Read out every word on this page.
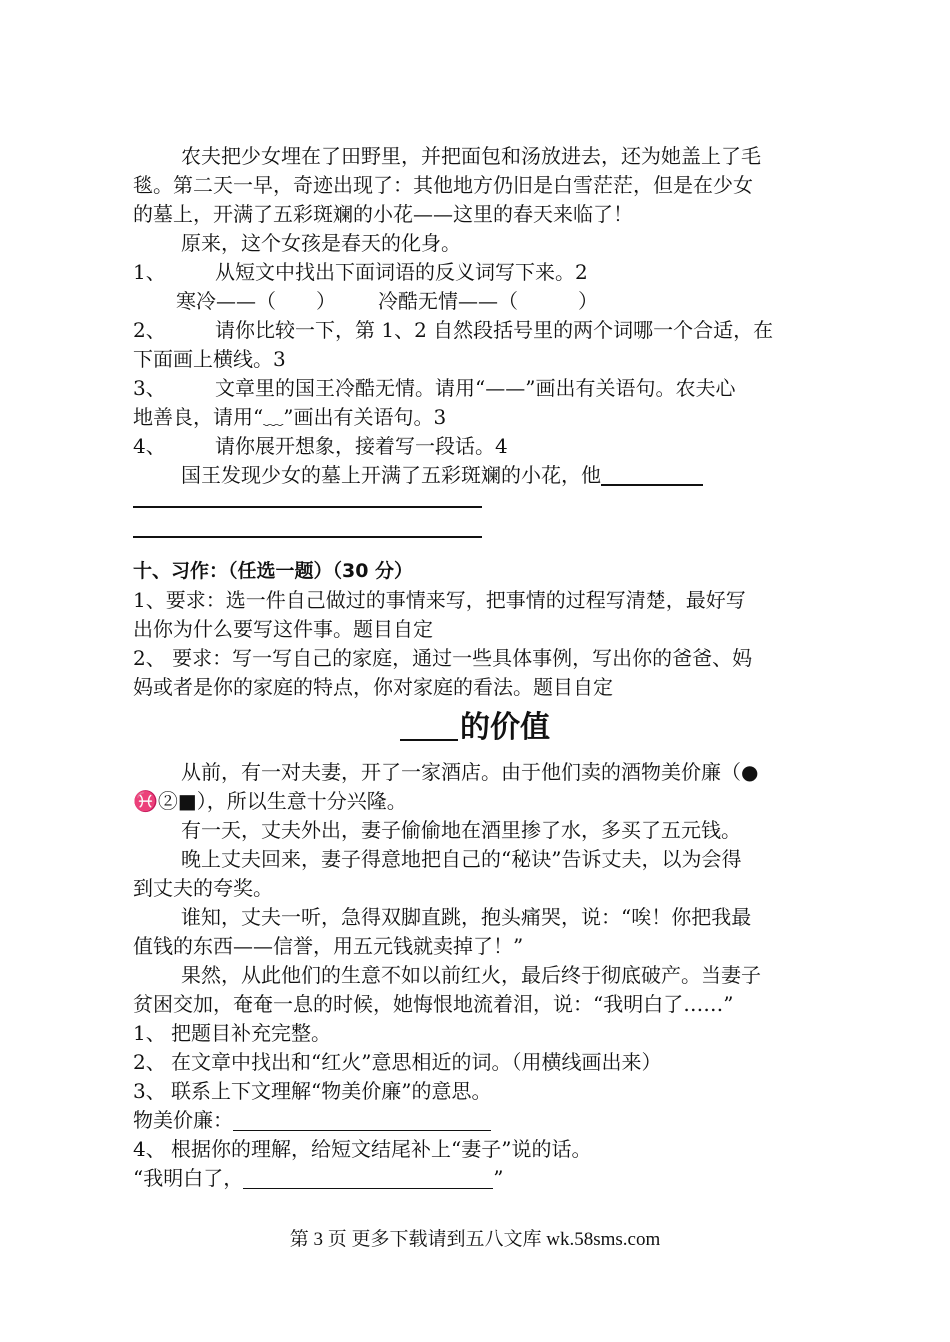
农夫把少女埋在了田野里，并把面包和汤放进去，还为她盖上了毛
毯。第二天一早，奇迹出现了：其他地方仍旧是白雪茫茫，但是在少女
的墓上，开满了五彩斑斓的小花——这里的春天来临了！
原来，这个女孩是春天的化身。
1、 从短文中找出下面词语的反义词写下来。2
寒冷——（　　） 冷酷无情——（　　　）
2、 请你比较一下，第 1、2 自然段括号里的两个词哪一个合适，在
下面画上横线。3
3、 文章里的国王冷酷无情。请用“——”画出有关语句。农夫心
地善良，请用“﹏”画出有关语句。3
4、 请你展开想象，接着写一段话。4
国王发现少女的墓上开满了五彩斑斓的小花，他
十、习作：（任选一题）（30 分）
1、要求：选一件自己做过的事情来写，把事情的过程写清楚，最好写
出你为什么要写这件事。题目自定
2、 要求：写一写自己的家庭，通过一些具体事例，写出你的爸爸、妈
妈或者是你的家庭的特点，你对家庭的看法。题目自定
的价值
从前，有一对夫妻，开了一家酒店。由于他们卖的酒物美价廉（●
♓②■），所以生意十分兴隆。
有一天，丈夫外出，妻子偷偷地在酒里掺了水，多买了五元钱。
晚上丈夫回来，妻子得意地把自己的“秘诀”告诉丈夫，以为会得
到丈夫的夸奖。
谁知，丈夫一听，急得双脚直跳，抱头痛哭，说：“唉！你把我最
值钱的东西——信誉，用五元钱就卖掉了！”
果然，从此他们的生意不如以前红火，最后终于彻底破产。当妻子
贫困交加，奄奄一息的时候，她悔恨地流着泪，说：“我明白了……”
1、 把题目补充完整。
2、 在文章中找出和“红火”意思相近的词。（用横线画出来）
3、 联系上下文理解“物美价廉”的意思。
物美价廉：
4、 根据你的理解，给短文结尾补上“妻子”说的话。
“我明白了，	”
第 3 页 更多下载请到五八文库 wk.58sms.com
